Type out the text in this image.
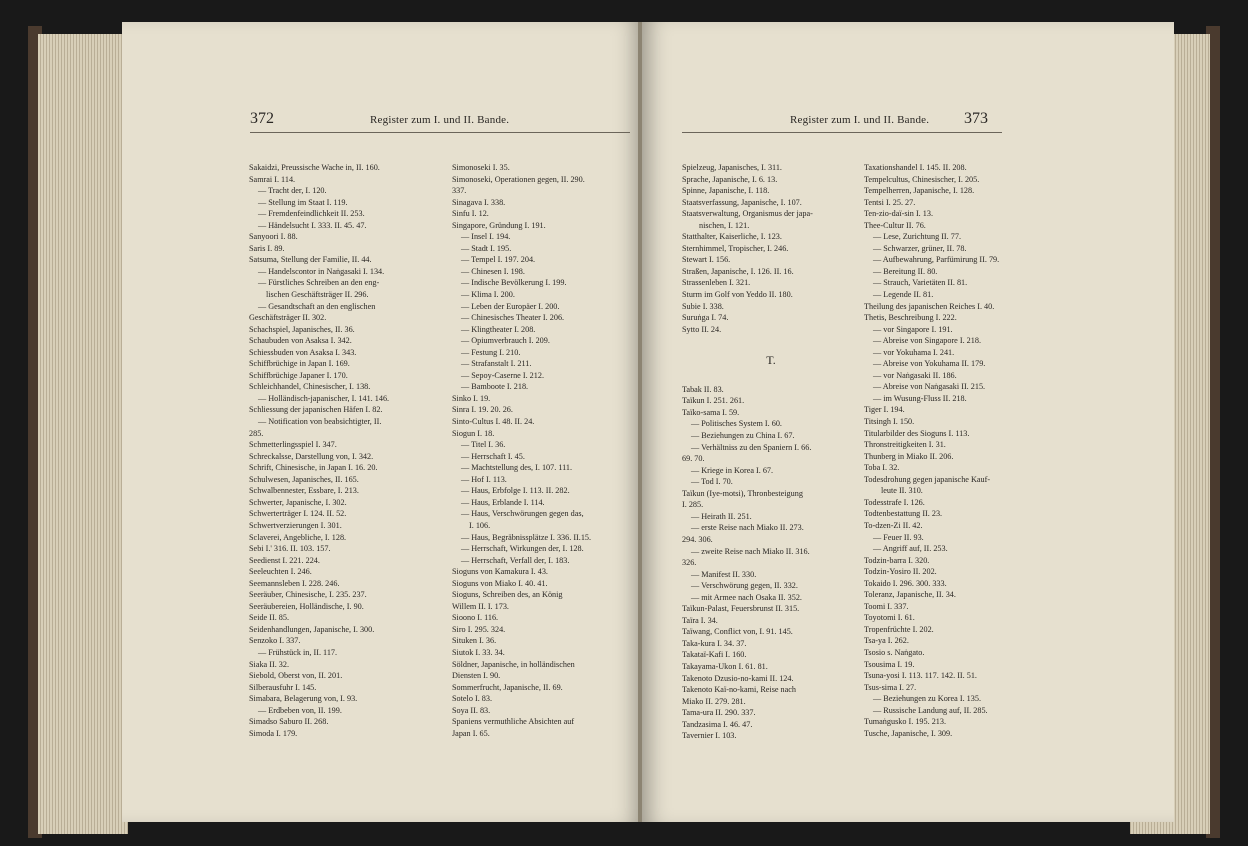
372	Register zum I. und II. Bande.
Sakaidzi, Preussische Wache in, II. 160.
Samrai I. 114.
— Tracht der, I. 120.
— Stellung im Staat I. 119.
— Fremdenfeindlichkeit II. 253.
— Händelsucht I. 333. II. 45. 47.
Sanyoori I. 88.
Saris I. 89.
Satsuma, Stellung der Familie, II. 44.
— Handelscontor in Naṅgasaki I. 134.
— Fürstliches Schreiben an den eng-
lischen Geschäftsträger II. 296.
— Gesandtschaft an den englischen
Geschäftsträger II. 302.
Schachspiel, Japanisches, II. 36.
Schaubuden von Asaksa I. 342.
Schiessbuden von Asaksa I. 343.
Schiffbrüchige in Japan I. 169.
Schiffbrüchige Japaner I. 170.
Schleichhandel, Chinesischer, I. 138.
— Holländisch-japanischer, I. 141. 146.
Schliessung der japanischen Häfen I. 82.
— Notification von beabsichtigter, II.
285.
Schmetterlingsspiel I. 347.
Schreckalsse, Darstellung von, I. 342.
Schrift, Chinesische, in Japan I. 16. 20.
Schulwesen, Japanisches, II. 165.
Schwalbennester, Essbare, I. 213.
Schwerter, Japanische, I. 302.
Schwerterträger I. 124. II. 52.
Schwertverzierungen I. 301.
Sclaverei, Angebliche, I. 128.
Sebi I.' 316. II. 103. 157.
Seedienst I. 221. 224.
Seeleuchten I. 246.
Seemannsleben I. 228. 246.
Seeräuber, Chinesische, I. 235. 237.
Seeräubereien, Holländische, I. 90.
Seide II. 85.
Seidenhandlungen, Japanische, I. 300.
Senzoko I. 337.
— Frühstück in, II. 117.
Siaka II. 32.
Siebold, Oberst von, II. 201.
Silberausfuhr I. 145.
Simabara, Belagerung von, I. 93.
— Erdbeben von, II. 199.
Simadso Saburo II. 268.
Simoda I. 179.
Simonoseki I. 35.
Simonoseki, Operationen gegen, II. 290.
337.
Sinagava I. 338.
Sinfu I. 12.
Singapore, Gründung I. 191.
— Insel I. 194.
— Stadt I. 195.
— Tempel I. 197. 204.
— Chinesen I. 198.
— Indische Bevölkerung I. 199.
— Klima I. 200.
— Leben der Europäer I. 200.
— Chinesisches Theater I. 206.
— Klingtheater I. 208.
— Opiumverbrauch I. 209.
— Festung I. 210.
— Strafanstalt I. 211.
— Sepoy-Caserne I. 212.
— Bamboote I. 218.
Sinko I. 19.
Sinra I. 19. 20. 26.
Sinto-Cultus I. 48. II. 24.
Siogun I. 18.
— Titel I. 36.
— Herrschaft I. 45.
— Machtstellung des, I. 107. 111.
— Hof I. 113.
— Haus, Erbfolge I. 113. II. 282.
— Haus, Erblande I. 114.
— Haus, Verschwörungen gegen das,
I. 106.
— Haus, Begräbnissplätze I. 336. II.15.
— Herrschaft, Wirkungen der, I. 128.
— Herrschaft, Verfall der, I. 183.
Sioguns von Kamakura I. 43.
Sioguns von Miako I. 40. 41.
Sioguns, Schreiben des, an König
Willem II. I. 173.
Sioono I. 116.
Siro I. 295. 324.
Situken I. 36.
Siutok I. 33. 34.
Söldner, Japanische, in holländischen
Diensten I. 90.
Sommerfrucht, Japanische, II. 69.
Sotelo I. 83.
Soya II. 83.
Spaniens vermuthliche Absichten auf
Japan I. 65.
Register zum I. und II. Bande. 373
Spielzeug, Japanisches, I. 311.
Sprache, Japanische, I. 6. 13.
Spinne, Japanische, I. 118.
Staatsverfassung, Japanische, I. 107.
Staatsverwaltung, Organismus der japa-
nischen, I. 121.
Statthalter, Kaiserliche, I. 123.
Sternhimmel, Tropischer, I. 246.
Stewart I. 156.
Straßen, Japanische, I. 126. II. 16.
Strassenleben I. 321.
Sturm im Golf von Yeddo II. 180.
Subie I. 338.
Suruṅga I. 74.
Sytto II. 24.
T.
Tabak II. 83.
Taïkun I. 251. 261.
Taïko-sama I. 59.
— Politisches System I. 60.
— Beziehungen zu China I. 67.
— Verhältniss zu den Spaniern I. 66.
69. 70.
— Kriege in Korea I. 67.
— Tod I. 70.
Taïkun (Iye-motsi), Thronbesteigung
I. 285.
— Heirath II. 251.
— erste Reise nach Miako II. 273.
294. 306.
— zweite Reise nach Miako II. 316.
326.
— Manifest II. 330.
— Verschwörung gegen, II. 332.
— mit Armee nach Osaka II. 352.
Taïkun-Palast, Feuersbrunst II. 315.
Taïra I. 34.
Taïwang, Conflict von, I. 91. 145.
Taka-kura I. 34. 37.
Takataï-Kafi I. 160.
Takayama-Ukon I. 61. 81.
Takenoto Dzusio-no-kami II. 124.
Takenoto Kaï-no-kami, Reise nach
Miako II. 279. 281.
Tama-ura II. 290. 337.
Tandzasima I. 46. 47.
Tavernier I. 103.
Taxationshandel I. 145. II. 208.
Tempelcultus, Chinesischer, I. 205.
Tempelherren, Japanische, I. 128.
Tentsi I. 25. 27.
Ten-zio-daï-sin I. 13.
Thee-Cultur II. 76.
— Lese, Zurichtung II. 77.
— Schwarzer, grüner, II. 78.
— Aufbewahrung, Parfümirung II. 79.
— Bereitung II. 80.
— Strauch, Varietäten II. 81.
— Legende II. 81.
Theilung des japanischen Reiches I. 40.
Thetis, Beschreibung I. 222.
— vor Singapore I. 191.
— Abreise von Singapore I. 218.
— vor Yokuhama I. 241.
— Abreise von Yokuhama II. 179.
— vor Naṅgasaki II. 186.
— Abreise von Naṅgasaki II. 215.
— im Wusung-Fluss II. 218.
Tiger I. 194.
Titsingh I. 150.
Titularbilder des Sioguns I. 113.
Thronstreitigkeiten I. 31.
Thunberg in Miako II. 206.
Toba I. 32.
Todesdrohung gegen japanische Kauf-
leute II. 310.
Todesstrafe I. 126.
Todtenbestattung II. 23.
To-dzen-Zi II. 42.
— Feuer II. 93.
— Angriff auf, II. 253.
Todzin-barra I. 320.
Todzin-Yosiro II. 202.
Tokaido I. 296. 300. 333.
Toleranz, Japanische, II. 34.
Toomi I. 337.
Toyotomi I. 61.
Tropenfrüchte I. 202.
Tsa-ya I. 262.
Tsosio s. Naṅgato.
Tsousima I. 19.
Tsuna-yosi I. 113. 117. 142. II. 51.
Tsus-sima I. 27.
— Beziehungen zu Korea I. 135.
— Russische Landung auf, II. 285.
Tumaṅgusko I. 195. 213.
Tusche, Japanische, I. 309.
